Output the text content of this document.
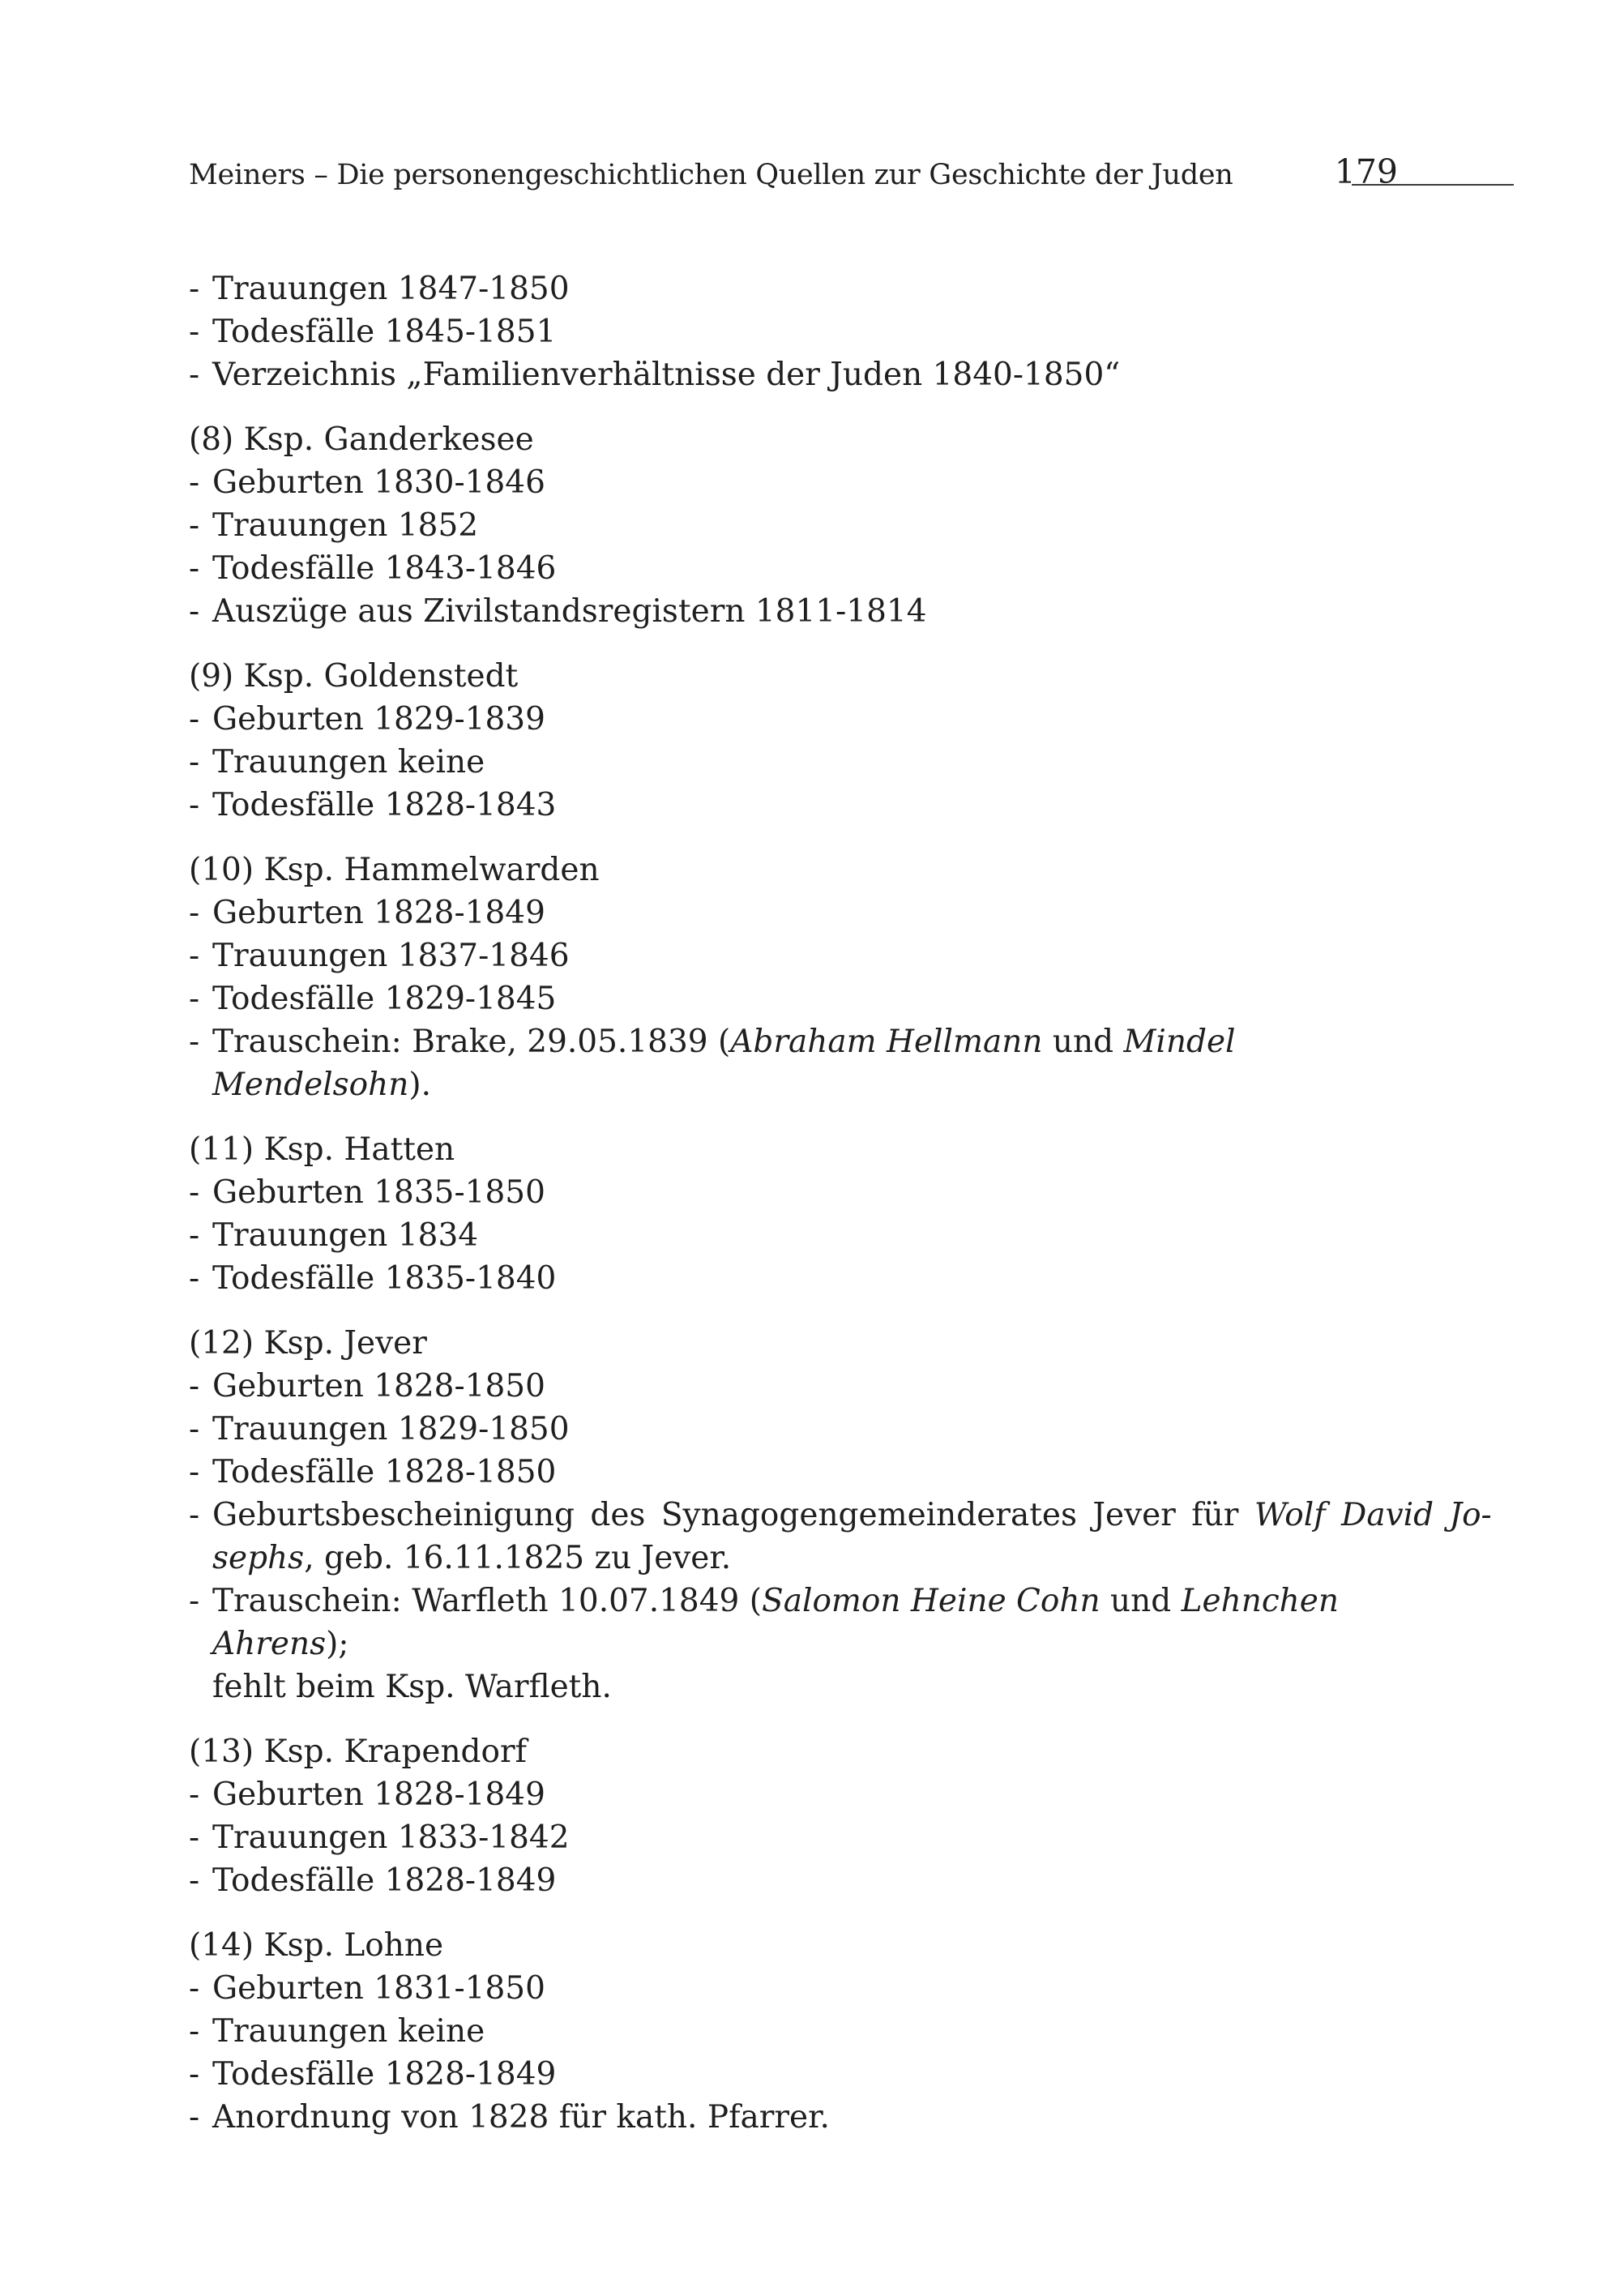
Meiners – Die personengeschichtlichen Quellen zur Geschichte der Juden	179
- Trauungen 1847-1850
- Todesfälle 1845-1851
- Verzeichnis „Familienverhältnisse der Juden 1840-1850“
(8) Ksp. Ganderkesee
- Geburten 1830-1846
- Trauungen 1852
- Todesfälle 1843-1846
- Auszüge aus Zivilstandsregistern 1811-1814
(9) Ksp. Goldenstedt
- Geburten 1829-1839
- Trauungen keine
- Todesfälle 1828-1843
(10) Ksp. Hammelwarden
- Geburten 1828-1849
- Trauungen 1837-1846
- Todesfälle 1829-1845
- Trauschein: Brake, 29.05.1839 (Abraham Hellmann und Mindel Mendelsohn).
(11) Ksp. Hatten
- Geburten 1835-1850
- Trauungen 1834
- Todesfälle 1835-1840
(12) Ksp. Jever
- Geburten 1828-1850
- Trauungen 1829-1850
- Todesfälle 1828-1850
- Geburtsbescheinigung des Synagogengemeinderates Jever für Wolf David Jo-
sephs, geb. 16.11.1825 zu Jever.
- Trauschein: Warfleth 10.07.1849 (Salomon Heine Cohn und Lehnchen Ahrens);
fehlt beim Ksp. Warfleth.
(13) Ksp. Krapendorf
- Geburten 1828-1849
- Trauungen 1833-1842
- Todesfälle 1828-1849
(14) Ksp. Lohne
- Geburten 1831-1850
- Trauungen keine
- Todesfälle 1828-1849
- Anordnung von 1828 für kath. Pfarrer.
